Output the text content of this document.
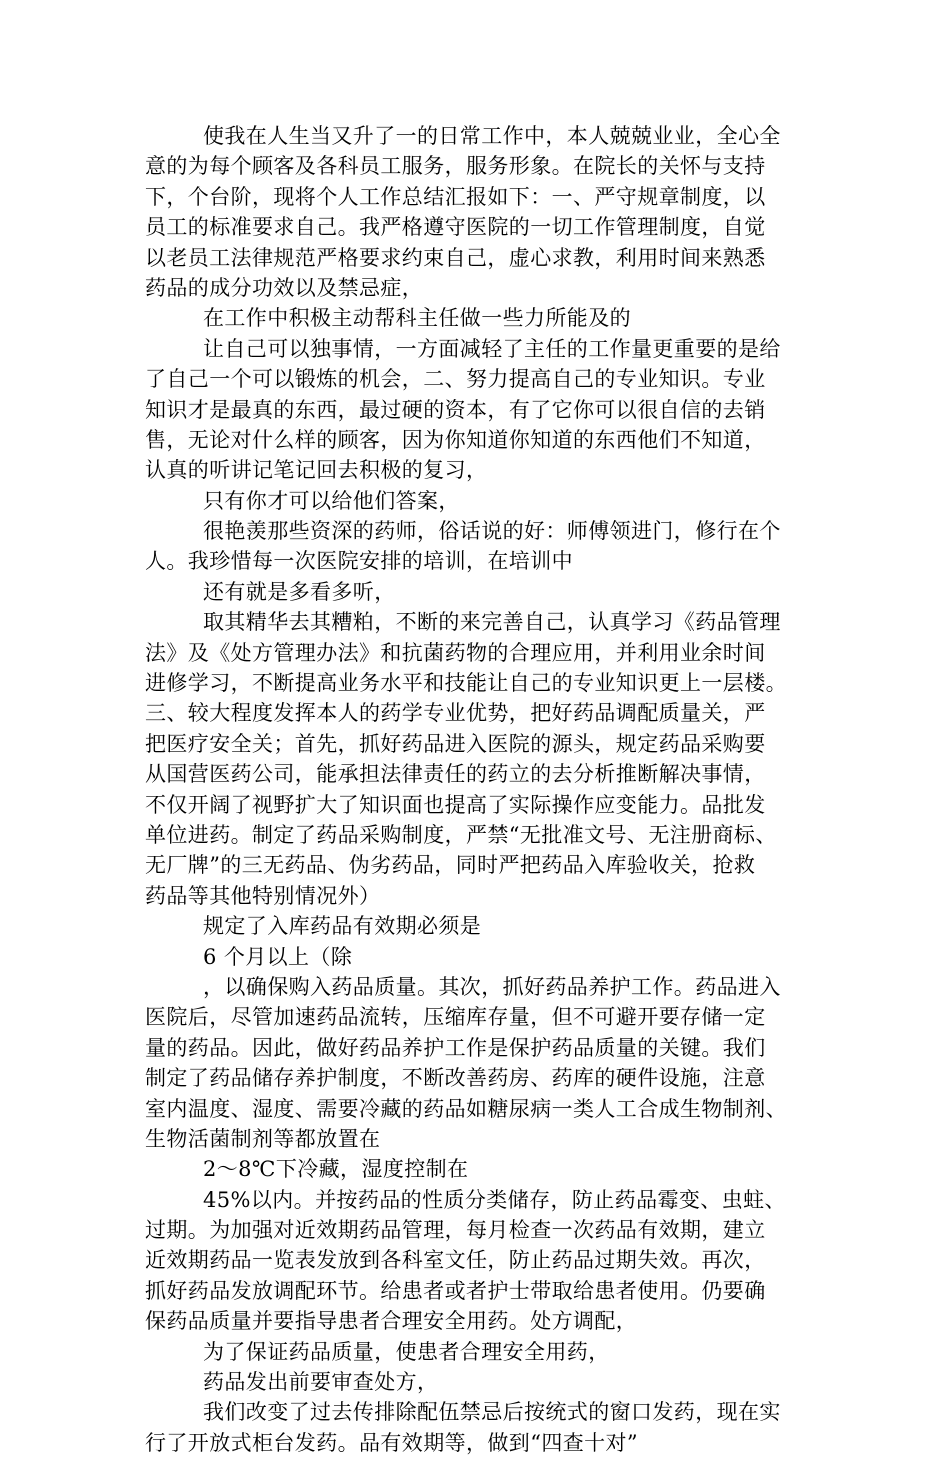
使我在人生当又升了一的日常工作中，本人兢兢业业，全心全
意的为每个顾客及各科员工服务，服务形象。在院长的关怀与支持
下，个台阶，现将个人工作总结汇报如下：一、严守规章制度，以
员工的标准要求自己。我严格遵守医院的一切工作管理制度，自觉
以老员工法律规范严格要求约束自己，虚心求教，利用时间来熟悉
药品的成分功效以及禁忌症，
在工作中积极主动帮科主任做一些力所能及的
让自己可以独事情，一方面减轻了主任的工作量更重要的是给
了自己一个可以锻炼的机会，二、努力提高自己的专业知识。专业
知识才是最真的东西，最过硬的资本，有了它你可以很自信的去销
售，无论对什么样的顾客，因为你知道你知道的东西他们不知道，
认真的听讲记笔记回去积极的复习，
只有你才可以给他们答案，
很艳羡那些资深的药师，俗话说的好：师傅领进门，修行在个
人。我珍惜每一次医院安排的培训，在培训中
还有就是多看多听，
取其精华去其糟粕，不断的来完善自己，认真学习《药品管理
法》及《处方管理办法》和抗菌药物的合理应用，并利用业余时间
进修学习，不断提高业务水平和技能让自己的专业知识更上一层楼。
三、较大程度发挥本人的药学专业优势，把好药品调配质量关，严
把医疗安全关；首先，抓好药品进入医院的源头，规定药品采购要
从国营医药公司，能承担法律责任的药立的去分析推断解决事情，
不仅开阔了视野扩大了知识面也提高了实际操作应变能力。品批发
单位进药。制定了药品采购制度，严禁“无批准文号、无注册商标、
无厂牌”的三无药品、伪劣药品，同时严把药品入库验收关，抢救
药品等其他特别情况外）
规定了入库药品有效期必须是
6 个月以上（除
，以确保购入药品质量。其次，抓好药品养护工作。药品进入
医院后，尽管加速药品流转，压缩库存量，但不可避开要存储一定
量的药品。因此，做好药品养护工作是保护药品质量的关键。我们
制定了药品储存养护制度，不断改善药房、药库的硬件设施，注意
室内温度、湿度、需要冷藏的药品如糖尿病一类人工合成生物制剂、
生物活菌制剂等都放置在
2～8℃下冷藏，湿度控制在
45%以内。并按药品的性质分类储存，防止药品霉变、虫蛀、
过期。为加强对近效期药品管理，每月检查一次药品有效期，建立
近效期药品一览表发放到各科室文任，防止药品过期失效。再次，
抓好药品发放调配环节。给患者或者护士带取给患者使用。仍要确
保药品质量并要指导患者合理安全用药。处方调配，
为了保证药品质量，使患者合理安全用药，
药品发出前要审查处方，
我们改变了过去传排除配伍禁忌后按统式的窗口发药，现在实
行了开放式柜台发药。品有效期等，做到“四查十对”
